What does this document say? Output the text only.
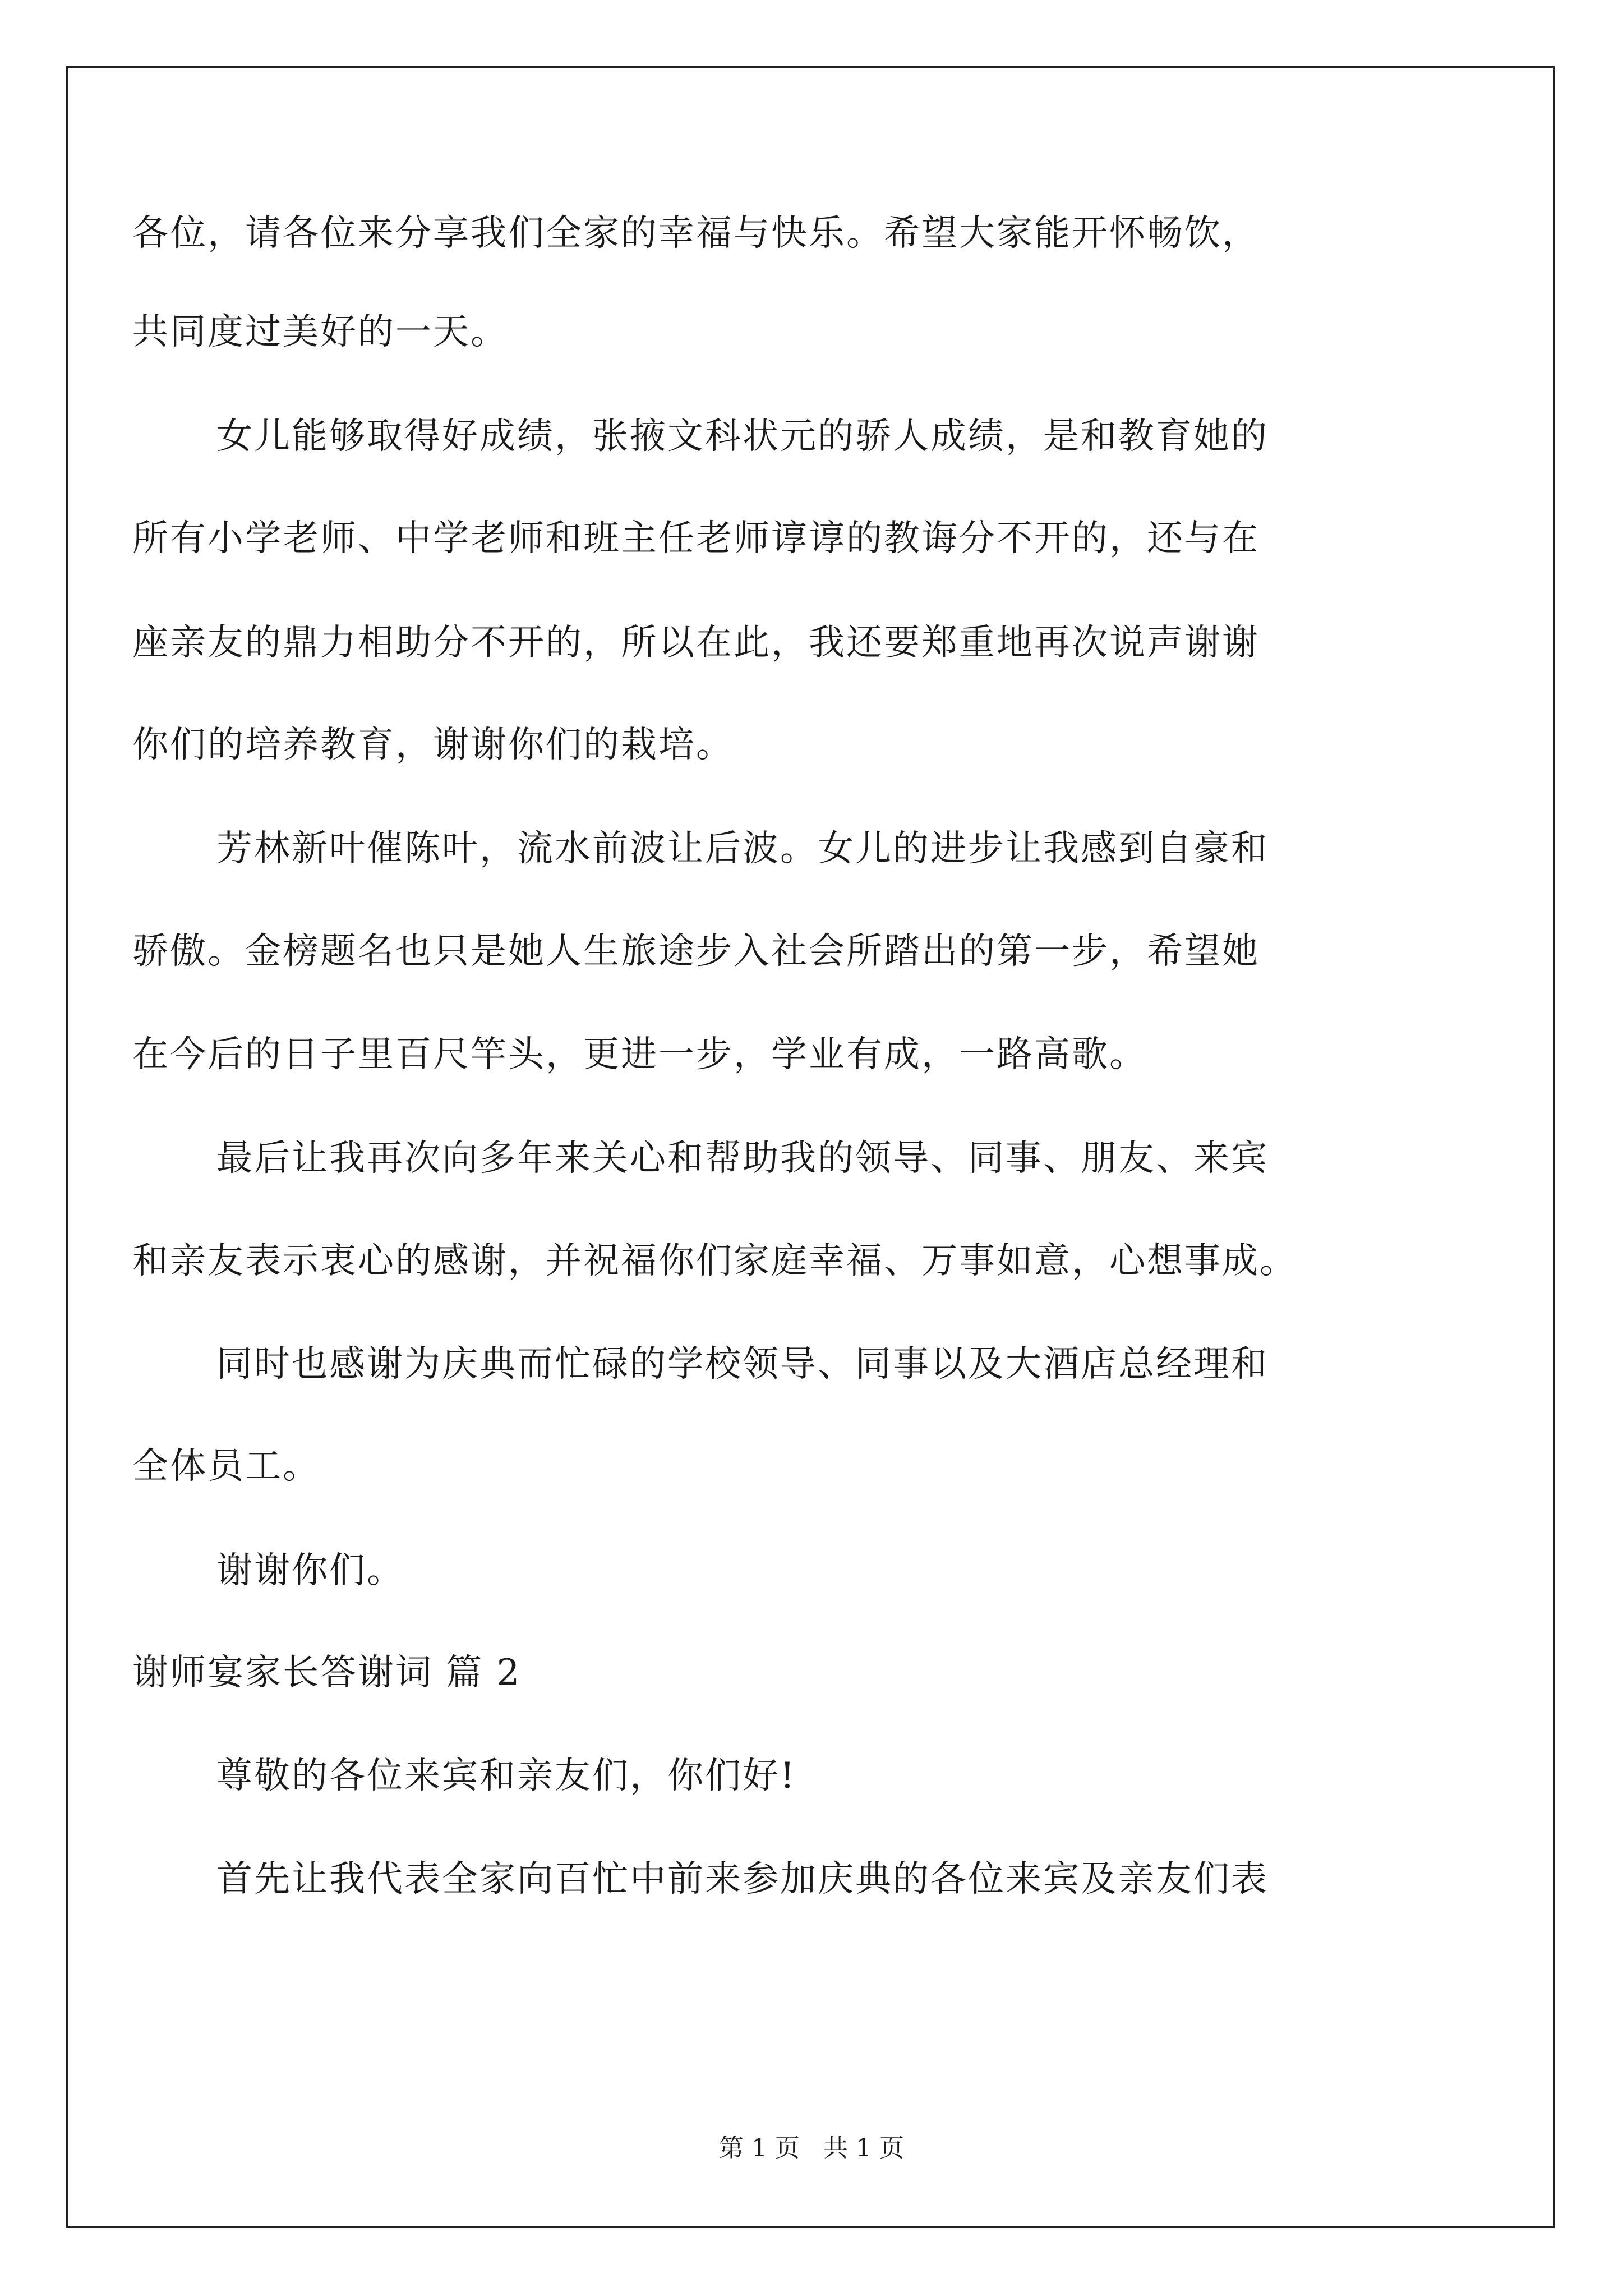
各位，请各位来分享我们全家的幸福与快乐。希望大家能开怀畅饮，
共同度过美好的一天。
女儿能够取得好成绩，张掖文科状元的骄人成绩，是和教育她的
所有小学老师、中学老师和班主任老师谆谆的教诲分不开的，还与在
座亲友的鼎力相助分不开的，所以在此，我还要郑重地再次说声谢谢
你们的培养教育，谢谢你们的栽培。
芳林新叶催陈叶，流水前波让后波。女儿的进步让我感到自豪和
骄傲。金榜题名也只是她人生旅途步入社会所踏出的第一步，希望她
在今后的日子里百尺竿头，更进一步，学业有成，一路高歌。
最后让我再次向多年来关心和帮助我的领导、同事、朋友、来宾
和亲友表示衷心的感谢，并祝福你们家庭幸福、万事如意，心想事成。
同时也感谢为庆典而忙碌的学校领导、同事以及大酒店总经理和
全体员工。
谢谢你们。
谢师宴家长答谢词 篇 2
尊敬的各位来宾和亲友们，你们好!
首先让我代表全家向百忙中前来参加庆典的各位来宾及亲友们表
第 1 页   共 1 页
